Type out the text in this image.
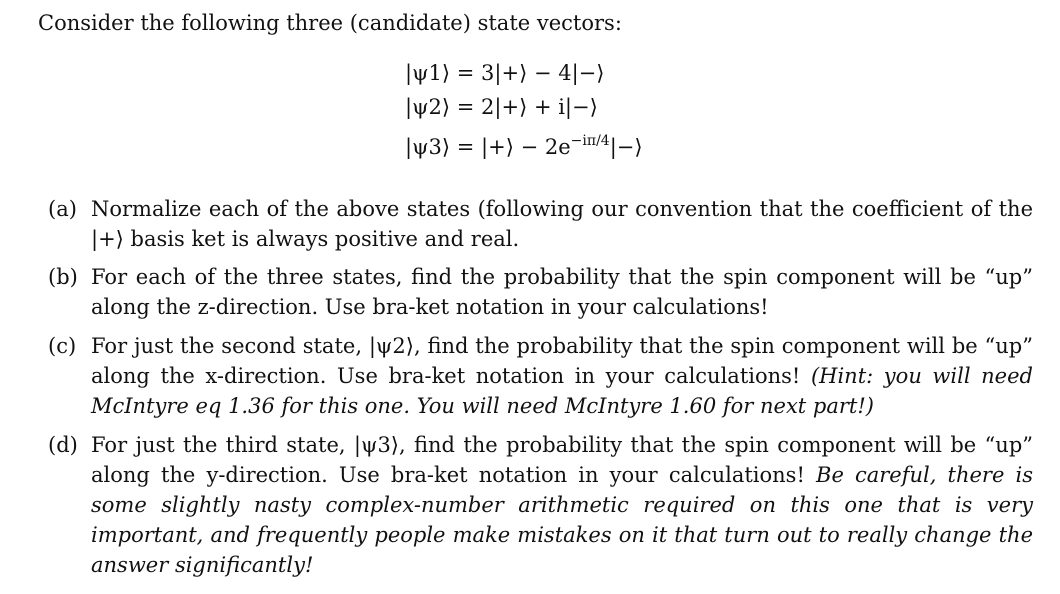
Consider the following three (candidate) state vectors:
|ψ1⟩ = 3|+⟩ − 4|−⟩
|ψ2⟩ = 2|+⟩ + i|−⟩
|ψ3⟩ = |+⟩ − $2e^{-i\pi/4}|-⟩$
(a) Normalize each of the above states (following our convention that the coefficient of the |+⟩ basis ket is always positive and real.
(b) For each of the three states, find the probability that the spin component will be “up” along the z-direction. Use bra-ket notation in your calculations!
(c) For just the second state, |ψ2⟩, find the probability that the spin component will be “up” along the x-direction. Use bra-ket notation in your calculations! (Hint: you will need McIntyre eq 1.36 for this one. You will need McIntyre 1.60 for next part!)
(d) For just the third state, |ψ3⟩, find the probability that the spin component will be “up” along the y-direction. Use bra-ket notation in your calculations! Be careful, there is some slightly nasty complex-number arithmetic required on this one that is very important, and frequently people make mistakes on it that turn out to really change the answer significantly!
